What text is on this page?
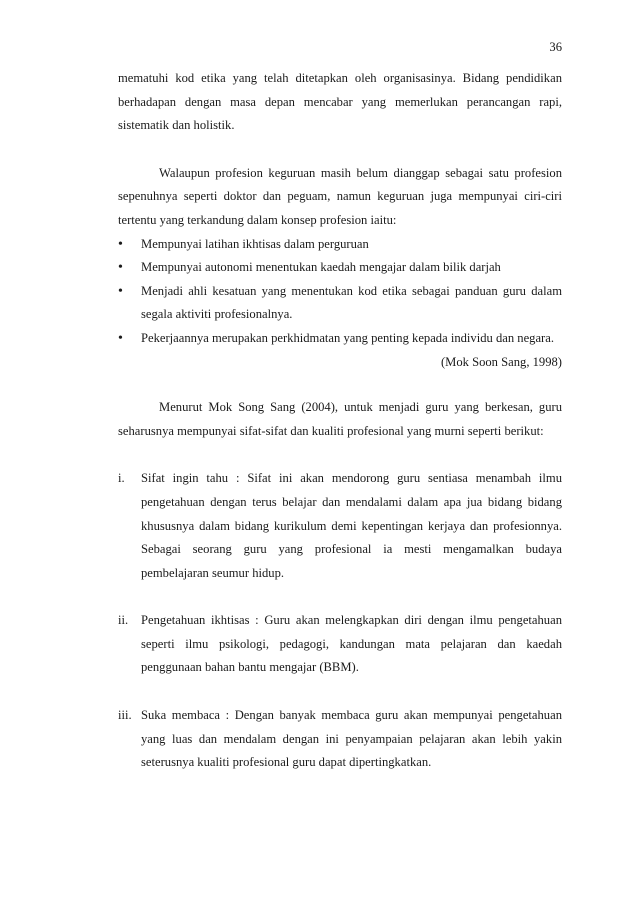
36

mematuhi kod etika yang telah ditetapkan oleh organisasinya. Bidang pendidikan berhadapan dengan masa depan mencabar yang memerlukan perancangan rapi, sistematik dan holistik.

Walaupun profesion keguruan masih belum dianggap sebagai satu profesion sepenuhnya seperti doktor dan peguam, namun keguruan juga mempunyai ciri-ciri tertentu yang terkandung dalam konsep profesion iaitu:

• Mempunyai latihan ikhtisas dalam perguruan
• Mempunyai autonomi menentukan kaedah mengajar dalam bilik darjah
• Menjadi ahli kesatuan yang menentukan kod etika sebagai panduan guru dalam segala aktiviti profesionalnya.
• Pekerjaannya merupakan perkhidmatan yang penting kepada individu dan negara.
(Mok Soon Sang, 1998)

Menurut Mok Song Sang (2004), untuk menjadi guru yang berkesan, guru seharusnya mempunyai sifat-sifat dan kualiti profesional yang murni seperti berikut:

i. Sifat ingin tahu : Sifat ini akan mendorong guru sentiasa menambah ilmu pengetahuan dengan terus belajar dan mendalami dalam apa jua bidang bidang khususnya dalam bidang kurikulum demi kepentingan kerjaya dan profesionnya. Sebagai seorang guru yang profesional ia mesti mengamalkan budaya pembelajaran seumur hidup.
ii. Pengetahuan ikhtisas : Guru akan melengkapkan diri dengan ilmu pengetahuan seperti ilmu psikologi, pedagogi, kandungan mata pelajaran dan kaedah penggunaan bahan bantu mengajar (BBM).
iii. Suka membaca : Dengan banyak membaca guru akan mempunyai pengetahuan yang luas dan mendalam dengan ini penyampaian pelajaran akan lebih yakin seterusnya kualiti profesional guru dapat dipertingkatkan.
